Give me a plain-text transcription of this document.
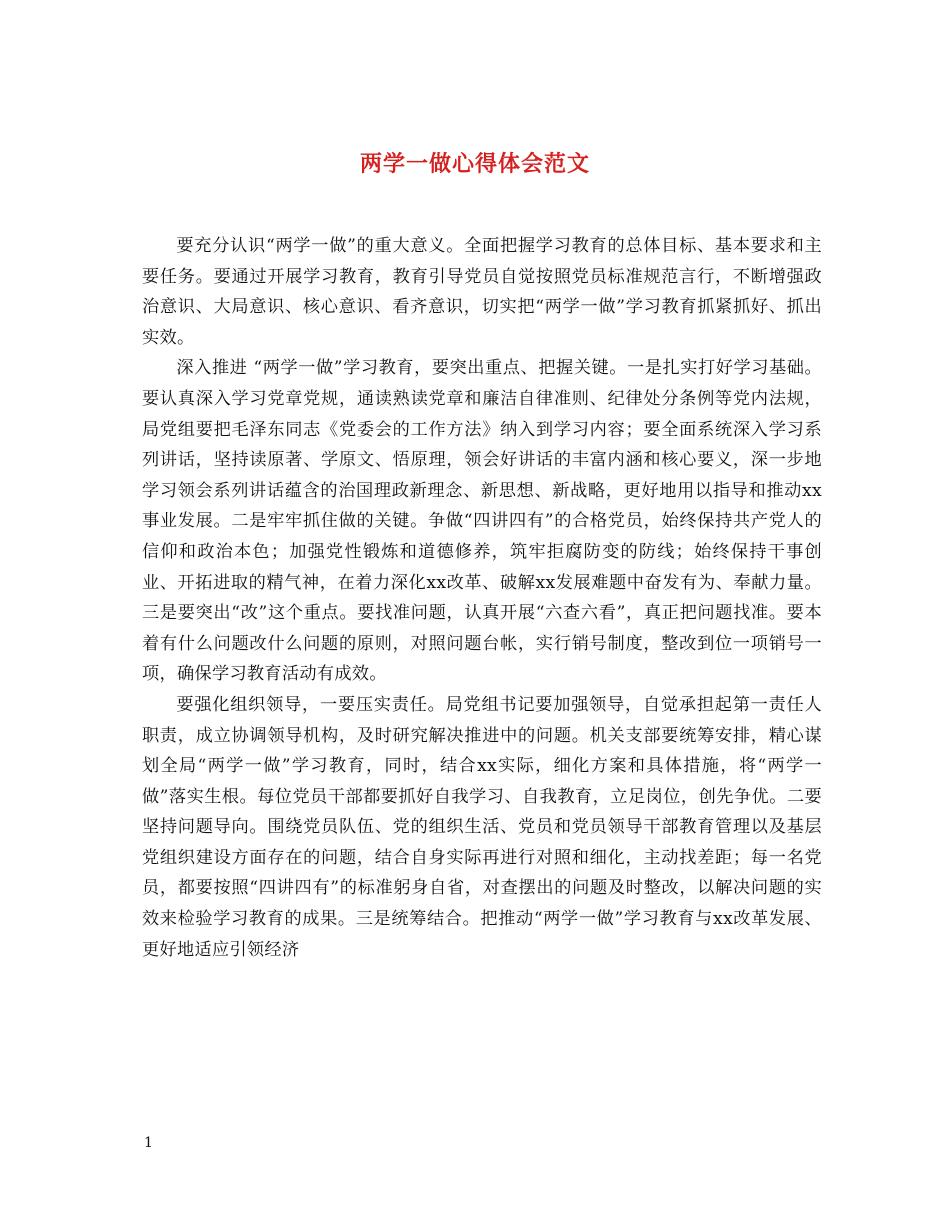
两学一做心得体会范文

要充分认识“两学一做”的重大意义。全面把握学习教育的总体目标、基本要求和主要任务。要通过开展学习教育，教育引导党员自觉按照党员标准规范言行，不断增强政治意识、大局意识、核心意识、看齐意识，切实把“两学一做”学习教育抓紧抓好、抓出实效。

深入推进 “两学一做”学习教育，要突出重点、把握关键。一是扎实打好学习基础。要认真深入学习党章党规，通读熟读党章和廉洁自律准则、纪律处分条例等党内法规，局党组要把毛泽东同志《党委会的工作方法》纳入到学习内容；要全面系统深入学习系列讲话，坚持读原著、学原文、悟原理，领会好讲话的丰富内涵和核心要义，深一步地学习领会系列讲话蕴含的治国理政新理念、新思想、新战略，更好地用以指导和推动xx事业发展。二是牢牢抓住做的关键。争做“四讲四有”的合格党员，始终保持共产党人的信仰和政治本色；加强党性锻炼和道德修养，筑牢拒腐防变的防线；始终保持干事创业、开拓进取的精气神，在着力深化xx改革、破解xx发展难题中奋发有为、奉献力量。三是要突出“改”这个重点。要找准问题，认真开展“六查六看”，真正把问题找准。要本着有什么问题改什么问题的原则，对照问题台帐，实行销号制度，整改到位一项销号一项，确保学习教育活动有成效。

要强化组织领导，一要压实责任。局党组书记要加强领导，自觉承担起第一责任人职责，成立协调领导机构，及时研究解决推进中的问题。机关支部要统筹安排，精心谋划全局“两学一做”学习教育，同时，结合xx实际，细化方案和具体措施，将“两学一做”落实生根。每位党员干部都要抓好自我学习、自我教育，立足岗位，创先争优。二要坚持问题导向。围绕党员队伍、党的组织生活、党员和党员领导干部教育管理以及基层党组织建设方面存在的问题，结合自身实际再进行对照和细化，主动找差距；每一名党员，都要按照“四讲四有”的标准躬身自省，对查摆出的问题及时整改，以解决问题的实效来检验学习教育的成果。三是统筹结合。把推动“两学一做”学习教育与xx改革发展、更好地适应引领经济

1
